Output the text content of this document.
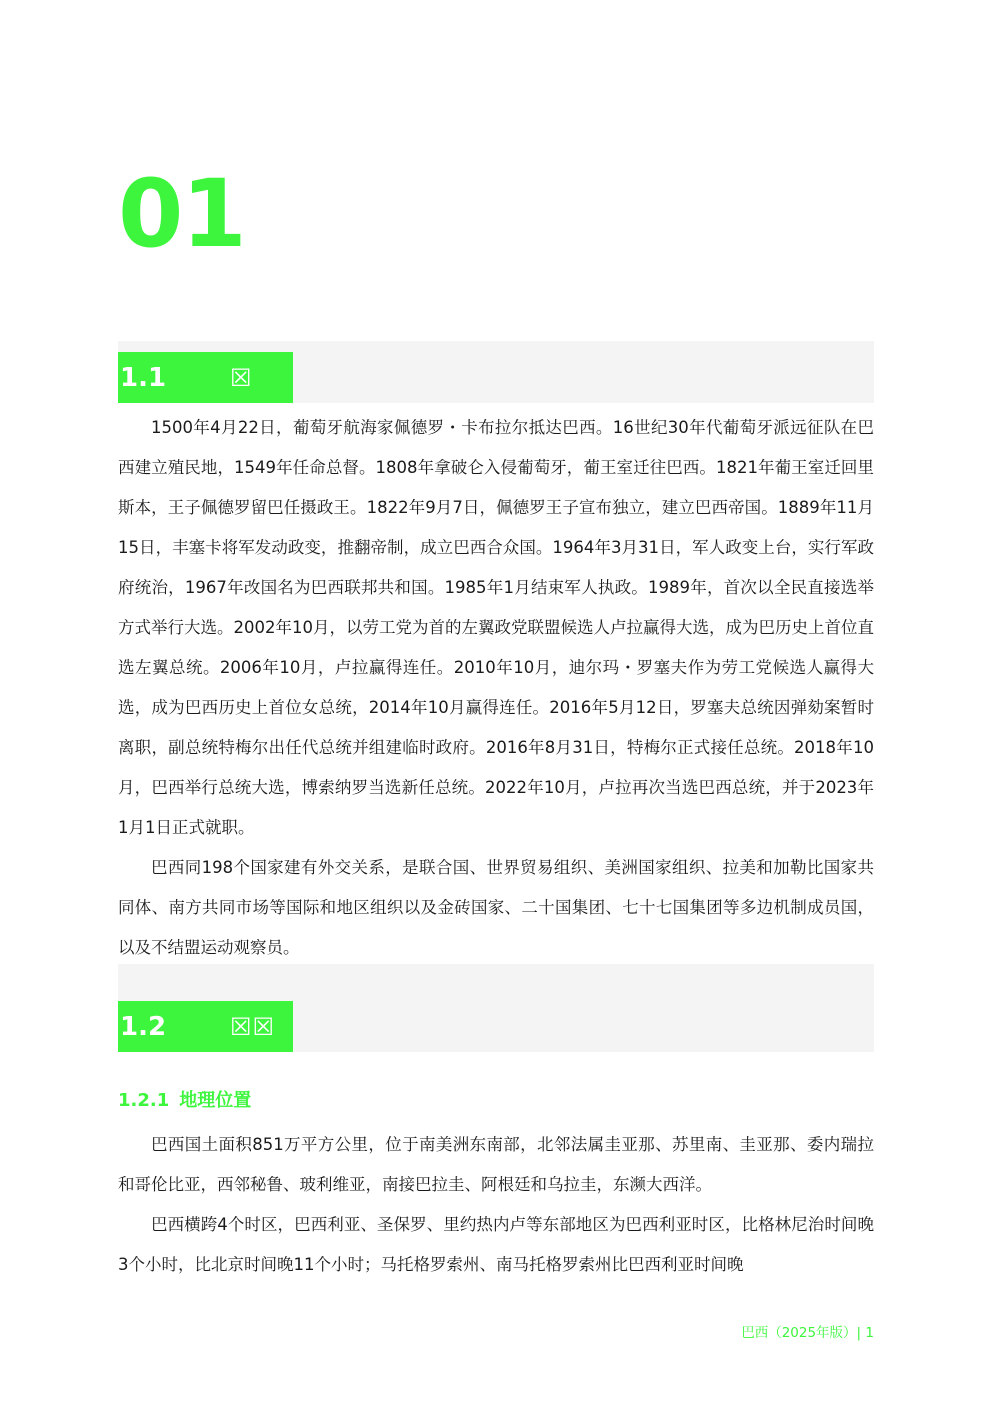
01
1.1	☒

1500年4月22日，葡萄牙航海家佩德罗・卡布拉尔抵达巴西。16世纪30年代葡萄牙派远征队在巴西建立殖民地，1549年任命总督。1808年拿破仑入侵葡萄牙，葡王室迁往巴西。1821年葡王室迁回里斯本，王子佩德罗留巴任摄政王。1822年9月7日，佩德罗王子宣布独立，建立巴西帝国。1889年11月15日，丰塞卡将军发动政变，推翻帝制，成立巴西合众国。1964年3月31日，军人政变上台，实行军政府统治，1967年改国名为巴西联邦共和国。1985年1月结束军人执政。1989年，首次以全民直接选举方式举行大选。2002年10月，以劳工党为首的左翼政党联盟候选人卢拉赢得大选，成为巴历史上首位直选左翼总统。2006年10月，卢拉赢得连任。2010年10月，迪尔玛・罗塞夫作为劳工党候选人赢得大选，成为巴西历史上首位女总统，2014年10月赢得连任。2016年5月12日，罗塞夫总统因弹劾案暂时离职，副总统特梅尔出任代总统并组建临时政府。2016年8月31日，特梅尔正式接任总统。2018年10月，巴西举行总统大选，博索纳罗当选新任总统。2022年10月，卢拉再次当选巴西总统，并于2023年1月1日正式就职。

巴西同198个国家建有外交关系，是联合国、世界贸易组织、美洲国家组织、拉美和加勒比国家共同体、南方共同市场等国际和地区组织以及金砖国家、二十国集团、七十七国集团等多边机制成员国，以及不结盟运动观察员。

1.2	☒☒
1.2.1 地理位置

巴西国土面积851万平方公里，位于南美洲东南部，北邻法属圭亚那、苏里南、圭亚那、委内瑞拉和哥伦比亚，西邻秘鲁、玻利维亚，南接巴拉圭、阿根廷和乌拉圭，东濒大西洋。

巴西横跨4个时区，巴西利亚、圣保罗、里约热内卢等东部地区为巴西利亚时区，比格林尼治时间晚3个小时，比北京时间晚11个小时；马托格罗索州、南马托格罗索州比巴西利亚时间晚

巴西（2025年版）| 1
